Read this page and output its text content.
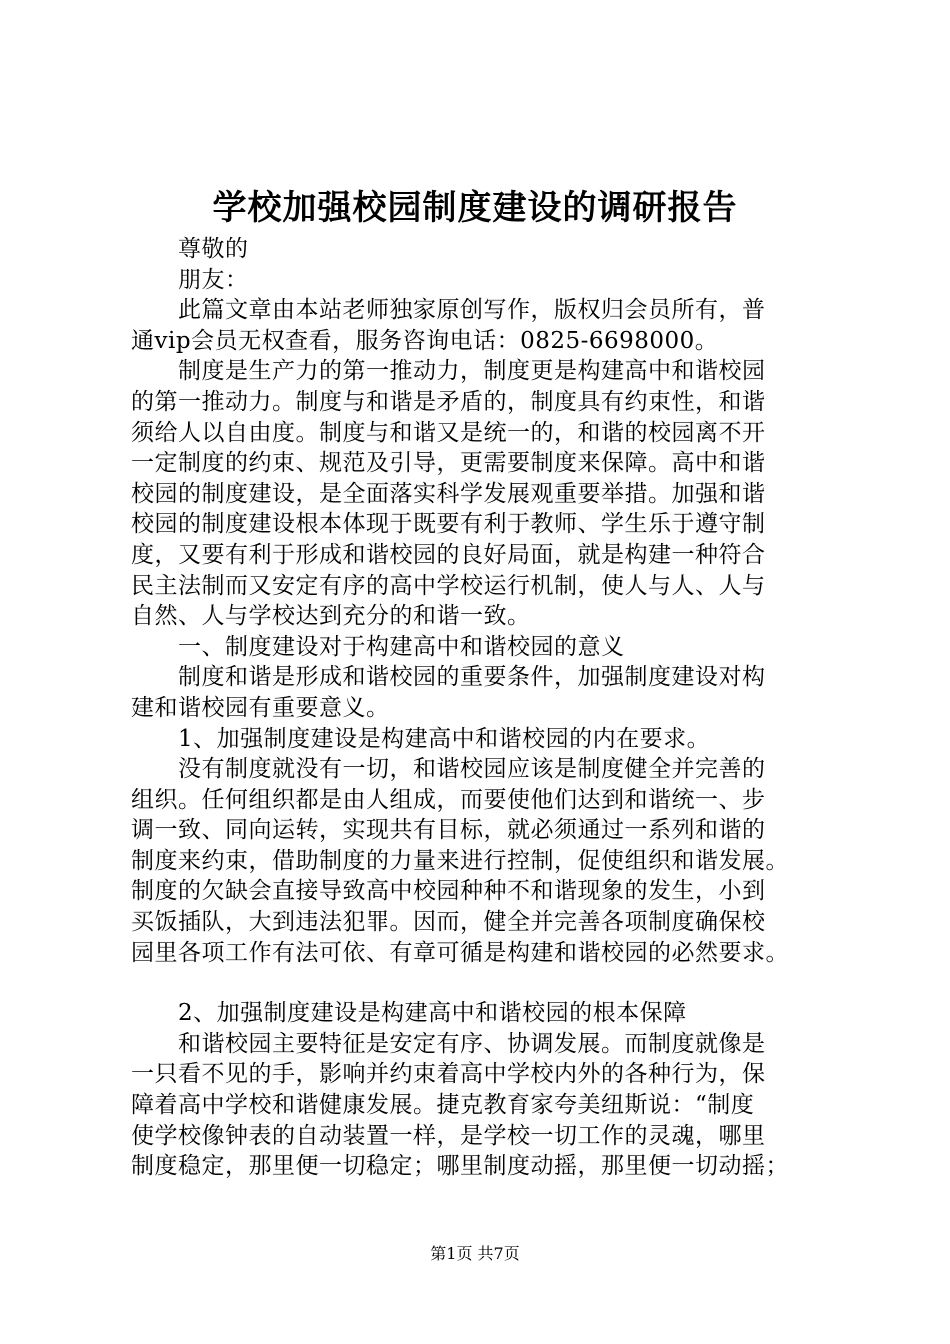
学校加强校园制度建设的调研报告
　　尊敬的
　　朋友：
　　此篇文章由本站老师独家原创写作，版权归会员所有，普
通vip会员无权查看，服务咨询电话：0825-6698000。
　　制度是生产力的第一推动力，制度更是构建高中和谐校园
的第一推动力。制度与和谐是矛盾的，制度具有约束性，和谐
须给人以自由度。制度与和谐又是统一的，和谐的校园离不开
一定制度的约束、规范及引导，更需要制度来保障。高中和谐
校园的制度建设，是全面落实科学发展观重要举措。加强和谐
校园的制度建设根本体现于既要有利于教师、学生乐于遵守制
度，又要有利于形成和谐校园的良好局面，就是构建一种符合
民主法制而又安定有序的高中学校运行机制，使人与人、人与
自然、人与学校达到充分的和谐一致。
　　一、制度建设对于构建高中和谐校园的意义
　　制度和谐是形成和谐校园的重要条件，加强制度建设对构
建和谐校园有重要意义。
　　1、加强制度建设是构建高中和谐校园的内在要求。
　　没有制度就没有一切，和谐校园应该是制度健全并完善的
组织。任何组织都是由人组成，而要使他们达到和谐统一、步
调一致、同向运转，实现共有目标，就必须通过一系列和谐的
制度来约束，借助制度的力量来进行控制，促使组织和谐发展。
制度的欠缺会直接导致高中校园种种不和谐现象的发生，小到
买饭插队，大到违法犯罪。因而，健全并完善各项制度确保校
园里各项工作有法可依、有章可循是构建和谐校园的必然要求。
　　2、加强制度建设是构建高中和谐校园的根本保障
　　和谐校园主要特征是安定有序、协调发展。而制度就像是
一只看不见的手，影响并约束着高中学校内外的各种行为，保
障着高中学校和谐健康发展。捷克教育家夸美纽斯说：“制度
使学校像钟表的自动装置一样，是学校一切工作的灵魂，哪里
制度稳定，那里便一切稳定；哪里制度动摇，那里便一切动摇；
第1页 共7页
